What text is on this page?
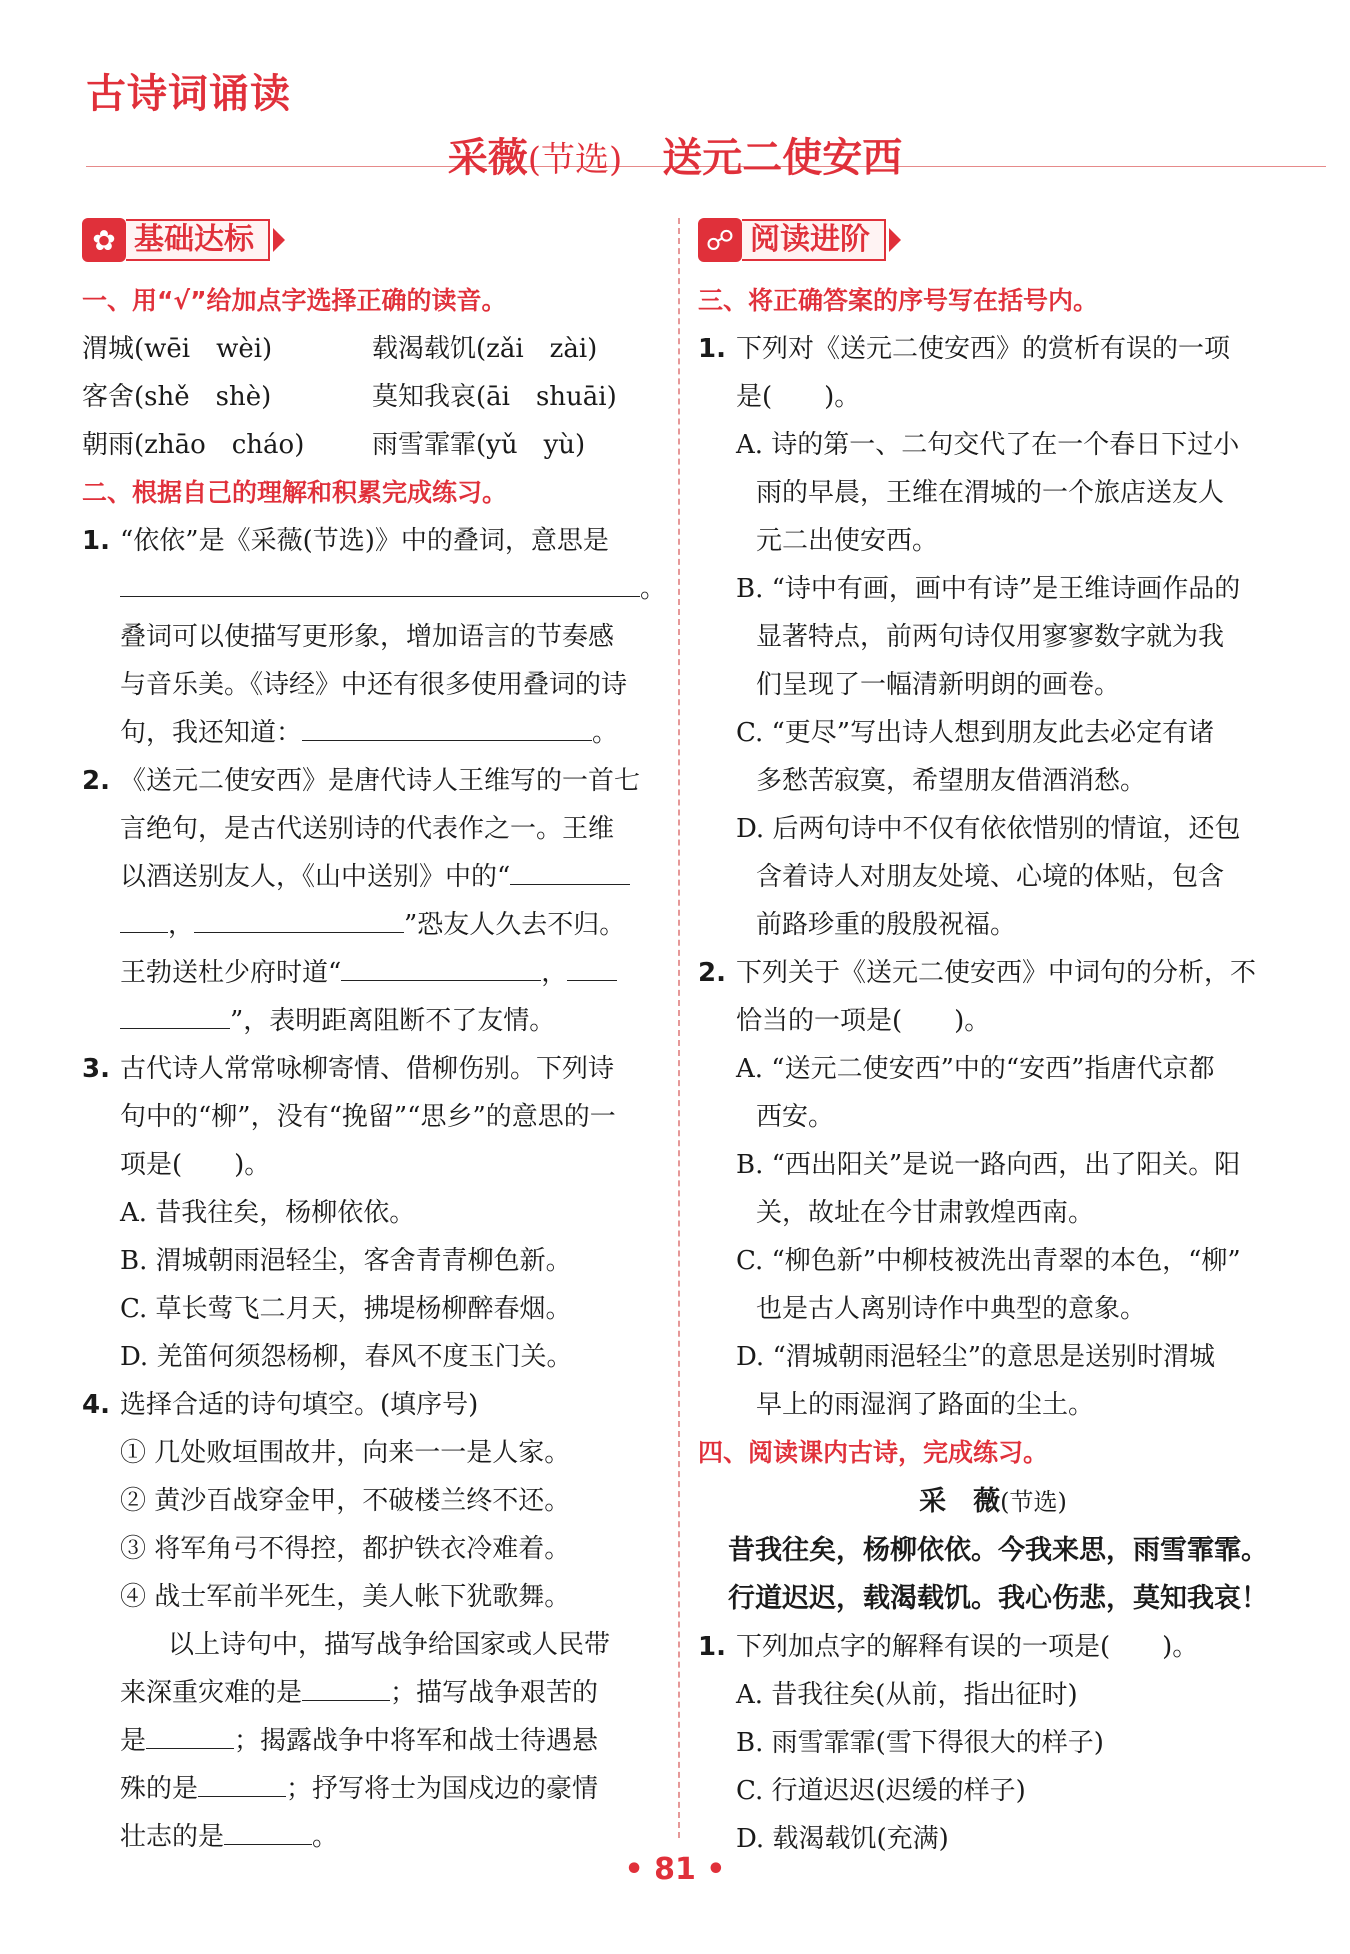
古诗词诵读
采薇(节选) 送元二使安西
✿ 基础达标
一、用“√”给加点字选择正确的读音。
渭城(wēi　wèi)	载渴载饥(zǎi　zài)
客舍(shě　shè)	莫知我哀(āi　shuāi)
朝雨(zhāo　cháo)	雨雪霏霏(yǔ　yù)
二、根据自己的理解和积累完成练习。
1. “依依”是《采薇(节选)》中的叠词，意思是
。
叠词可以使描写更形象，增加语言的节奏感
与音乐美。《诗经》中还有很多使用叠词的诗
句，我还知道：	。
2. 《送元二使安西》是唐代诗人王维写的一首七
言绝句，是古代送别诗的代表作之一。王维
以酒送别友人，《山中送别》中的“
，	”恐友人久去不归。
王勃送杜少府时道“	，
”，表明距离阻断不了友情。
3. 古代诗人常常咏柳寄情、借柳伤别。下列诗
句中的“柳”，没有“挽留”“思乡”的意思的一
项是(　　)。
A. 昔我往矣，杨柳依依。
B. 渭城朝雨浥轻尘，客舍青青柳色新。
C. 草长莺飞二月天，拂堤杨柳醉春烟。
D. 羌笛何须怨杨柳，春风不度玉门关。
4. 选择合适的诗句填空。(填序号)
① 几处败垣围故井，向来一一是人家。
② 黄沙百战穿金甲，不破楼兰终不还。
③ 将军角弓不得控，都护铁衣冷难着。
④ 战士军前半死生，美人帐下犹歌舞。
以上诗句中，描写战争给国家或人民带
来深重灾难的是	；描写战争艰苦的
是	；揭露战争中将军和战士待遇悬
殊的是	；抒写将士为国戍边的豪情
壮志的是	。
☍ 阅读进阶
三、将正确答案的序号写在括号内。
1. 下列对《送元二使安西》的赏析有误的一项
是(　　)。
A. 诗的第一、二句交代了在一个春日下过小
雨的早晨，王维在渭城的一个旅店送友人
元二出使安西。
B. “诗中有画，画中有诗”是王维诗画作品的
显著特点，前两句诗仅用寥寥数字就为我
们呈现了一幅清新明朗的画卷。
C. “更尽”写出诗人想到朋友此去必定有诸
多愁苦寂寞，希望朋友借酒消愁。
D. 后两句诗中不仅有依依惜别的情谊，还包
含着诗人对朋友处境、心境的体贴，包含
前路珍重的殷殷祝福。
2. 下列关于《送元二使安西》中词句的分析，不
恰当的一项是(　　)。
A. “送元二使安西”中的“安西”指唐代京都
西安。
B. “西出阳关”是说一路向西，出了阳关。阳
关，故址在今甘肃敦煌西南。
C. “柳色新”中柳枝被洗出青翠的本色，“柳”
也是古人离别诗作中典型的意象。
D. “渭城朝雨浥轻尘”的意思是送别时渭城
早上的雨湿润了路面的尘土。
四、阅读课内古诗，完成练习。
采　薇(节选)
昔我往矣，杨柳依依。今我来思，雨雪霏霏。
行道迟迟，载渴载饥。我心伤悲，莫知我哀！
1. 下列加点字的解释有误的一项是(　　)。
A. 昔我往矣(从前，指出征时)
B. 雨雪霏霏(雪下得很大的样子)
C. 行道迟迟(迟缓的样子)
D. 载渴载饥(充满)
• 81 •
